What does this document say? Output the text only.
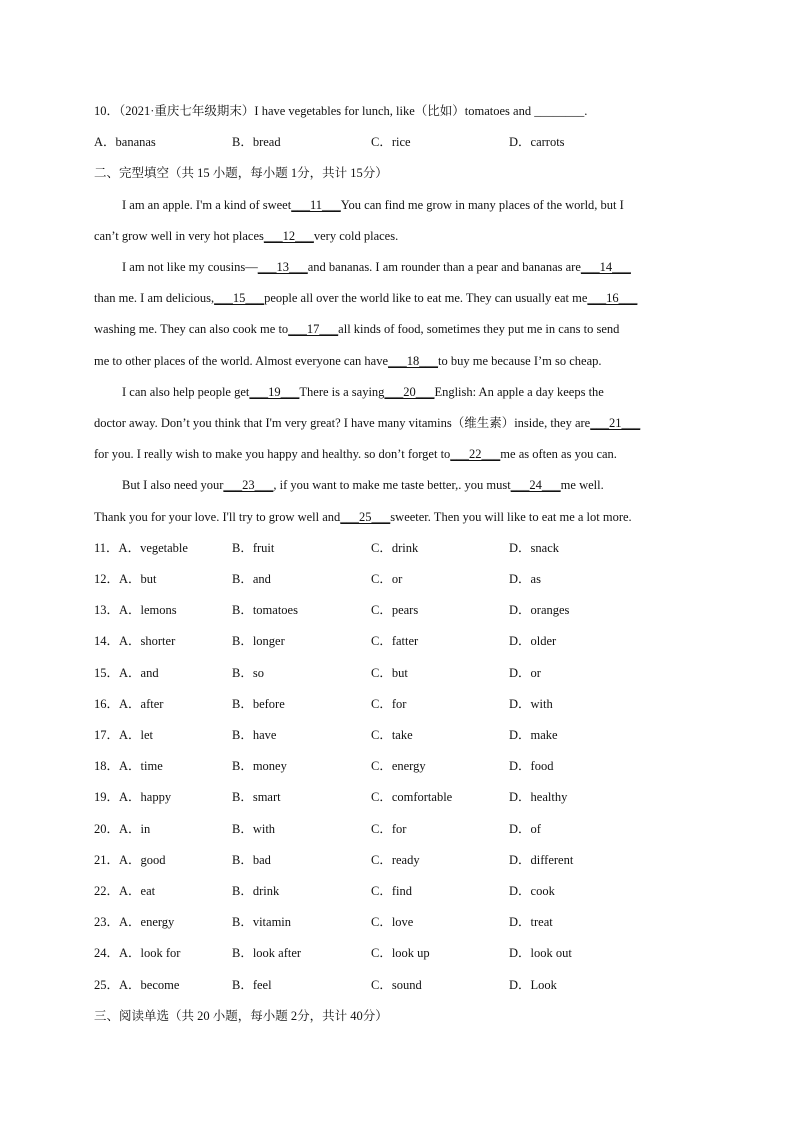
10．（2021·重庆七年级期末）I have vegetables for lunch, like（比如）tomatoes and ________.
A．bananas	B．bread	C．rice	D．carrots
二、完型填空（共 15 小题，每小题 1分，共计 15分）
I am an apple. I'm a kind of sweet___11___You can find me grow in many places of the world, but I
can’t grow well in very hot places___12___very cold places.
I am not like my cousins—___13___and bananas. I am rounder than a pear and bananas are___14___
than me. I am delicious,___15___people all over the world like to eat me. They can usually eat me___16___
washing me. They can also cook me to___17___all kinds of food, sometimes they put me in cans to send
me to other places of the world. Almost everyone can have___18___to buy me because I’m so cheap.
I can also help people get___19___There is a saying___20___English: An apple a day keeps the
doctor away. Don’t you think that I'm very great? I have many vitamins（维生素）inside, they are___21___
for you. I really wish to make you happy and healthy. so don’t forget to___22___me as often as you can.
But I also need your___23___, if you want to make me taste better,. you must___24___me well.
Thank you for your love. I'll try to grow well and___25___sweeter. Then you will like to eat me a lot more.
11．A．vegetable	B．fruit	C．drink	D．snack
12．A．but	B．and	C．or	D．as
13．A．lemons	B．tomatoes	C．pears	D．oranges
14．A．shorter	B．longer	C．fatter	D．older
15．A．and	B．so	C．but	D．or
16．A．after	B．before	C．for	D．with
17．A．let	B．have	C．take	D．make
18．A．time	B．money	C．energy	D．food
19．A．happy	B．smart	C．comfortable	D．healthy
20．A．in	B．with	C．for	D．of
21．A．good	B．bad	C．ready	D．different
22．A．eat	B．drink	C．find	D．cook
23．A．energy	B．vitamin	C．love	D．treat
24．A．look for	B．look after	C．look up	D．look out
25．A．become	B．feel	C．sound	D．Look
三、阅读单选（共 20 小题，每小题 2分，共计 40分）
